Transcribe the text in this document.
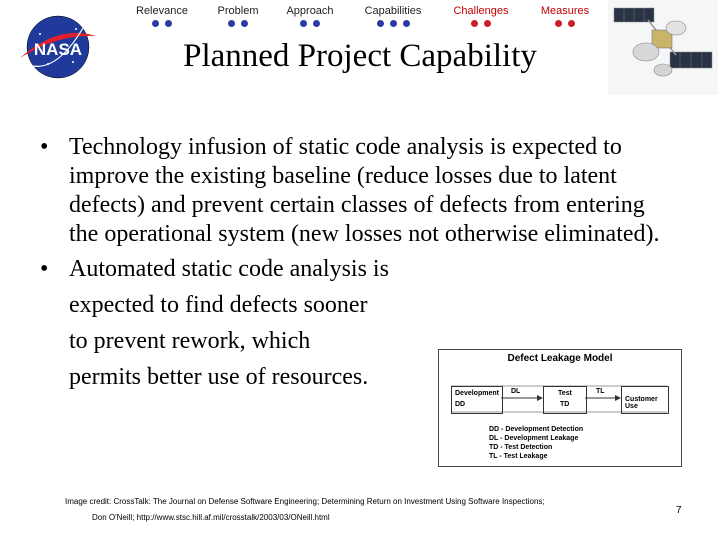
NASA
Relevance	Problem	Approach	Capabilities	Challenges	Measures
Planned Project Capability

• Technology infusion of static code analysis is expected to improve the existing baseline (reduce losses due to latent defects) and prevent certain classes of defects from entering the operational system (new losses not otherwise eliminated).

• Automated static code analysis is
expected to find defects sooner
to prevent rework, which
permits better use of resources.

Defect Leakage Model
Development
DD
Test
TD
Customer Use
DL	TL
DD - Development Detection
DL - Development Leakage
TD - Test Detection
TL - Test Leakage
Image credit: CrossTalk: The Journal on Defense Software Engineering; Determining Return on Investment Using Software Inspections;
Don O'Neill; http://www.stsc.hill.af.mil/crosstalk/2003/03/ONeill.html
7
